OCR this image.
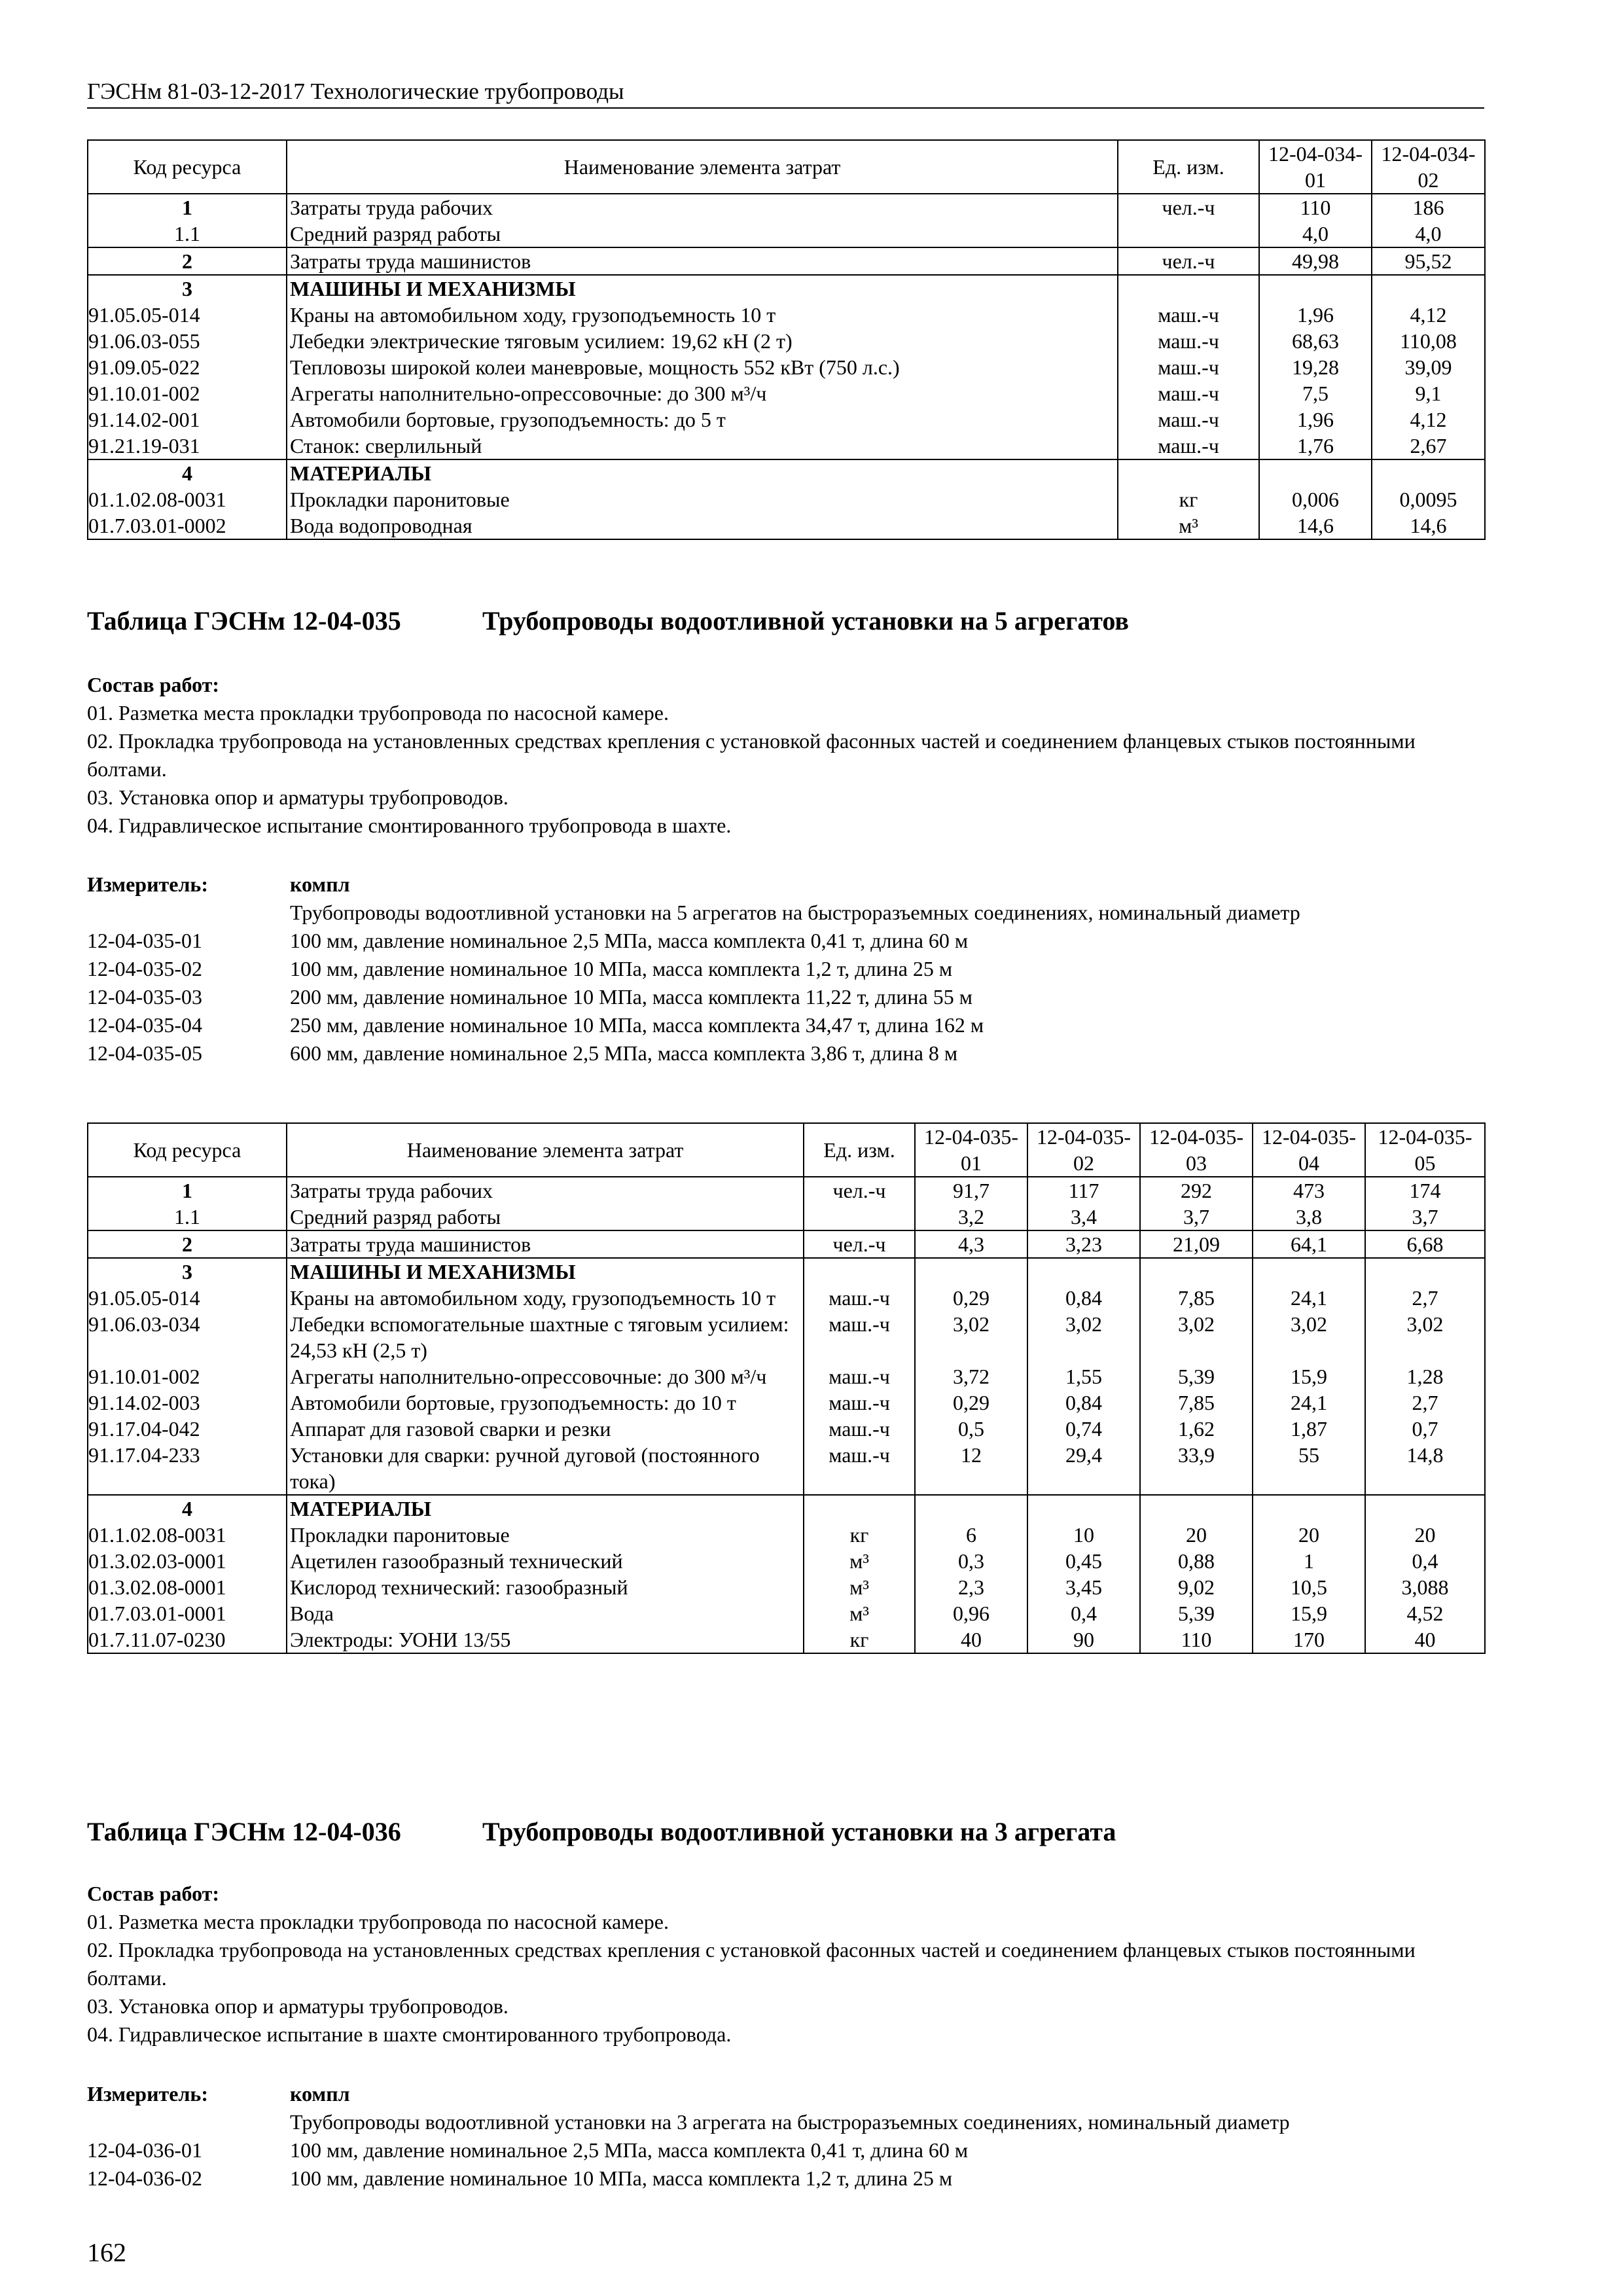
ГЭСНм 81-03-12-2017 Технологические трубопроводы
Код ресурса	Наименование элемента затрат	Ед. изм.	12-04-034-01	12-04-034-02
1	Затраты труда рабочих	чел.-ч	110	186
1.1	Средний разряд работы		4,0	4,0
2	Затраты труда машинистов	чел.-ч	49,98	95,52
3	МАШИНЫ И МЕХАНИЗМЫ			
91.05.05-014	Краны на автомобильном ходу, грузоподъемность 10 т	маш.-ч	1,96	4,12
91.06.03-055	Лебедки электрические тяговым усилием: 19,62 кН (2 т)	маш.-ч	68,63	110,08
91.09.05-022	Тепловозы широкой колеи маневровые, мощность 552 кВт (750 л.с.)	маш.-ч	19,28	39,09
91.10.01-002	Агрегаты наполнительно-опрессовочные: до 300 м³/ч	маш.-ч	7,5	9,1
91.14.02-001	Автомобили бортовые, грузоподъемность: до 5 т	маш.-ч	1,96	4,12
91.21.19-031	Станок: сверлильный	маш.-ч	1,76	2,67
4	МАТЕРИАЛЫ			
01.1.02.08-0031	Прокладки паронитовые	кг	0,006	0,0095
01.7.03.01-0002	Вода водопроводная	м³	14,6	14,6
Таблица ГЭСНм 12-04-035	Трубопроводы водоотливной установки на 5 агрегатов
Состав работ:
01. Разметка места прокладки трубопровода по насосной камере.
02. Прокладка трубопровода на установленных средствах крепления с установкой фасонных частей и соединением фланцевых стыков постоянными болтами.
03. Установка опор и арматуры трубопроводов.
04. Гидравлическое испытание смонтированного трубопровода в шахте.
Измеритель:	компл
Трубопроводы водоотливной установки на 5 агрегатов на быстроразъемных соединениях, номинальный диаметр
12-04-035-01	100 мм, давление номинальное 2,5 МПа, масса комплекта 0,41 т, длина 60 м
12-04-035-02	100 мм, давление номинальное 10 МПа, масса комплекта 1,2 т, длина 25 м
12-04-035-03	200 мм, давление номинальное 10 МПа, масса комплекта 11,22 т, длина 55 м
12-04-035-04	250 мм, давление номинальное 10 МПа, масса комплекта 34,47 т, длина 162 м
12-04-035-05	600 мм, давление номинальное 2,5 МПа, масса комплекта 3,86 т, длина 8 м
Код ресурса	Наименование элемента затрат	Ед. изм.	12-04-035-01	12-04-035-02	12-04-035-03	12-04-035-04	12-04-035-05
1	Затраты труда рабочих	чел.-ч	91,7	117	292	473	174
1.1	Средний разряд работы		3,2	3,4	3,7	3,8	3,7
2	Затраты труда машинистов	чел.-ч	4,3	3,23	21,09	64,1	6,68
3	МАШИНЫ И МЕХАНИЗМЫ						
91.05.05-014	Краны на автомобильном ходу, грузоподъемность 10 т	маш.-ч	0,29	0,84	7,85	24,1	2,7
91.06.03-034	Лебедки вспомогательные шахтные с тяговым усилием: 24,53 кН (2,5 т)	маш.-ч	3,02	3,02	3,02	3,02	3,02
91.10.01-002	Агрегаты наполнительно-опрессовочные: до 300 м³/ч	маш.-ч	3,72	1,55	5,39	15,9	1,28
91.14.02-003	Автомобили бортовые, грузоподъемность: до 10 т	маш.-ч	0,29	0,84	7,85	24,1	2,7
91.17.04-042	Аппарат для газовой сварки и резки	маш.-ч	0,5	0,74	1,62	1,87	0,7
91.17.04-233	Установки для сварки: ручной дуговой (постоянного тока)	маш.-ч	12	29,4	33,9	55	14,8
4	МАТЕРИАЛЫ						
01.1.02.08-0031	Прокладки паронитовые	кг	6	10	20	20	20
01.3.02.03-0001	Ацетилен газообразный технический	м³	0,3	0,45	0,88	1	0,4
01.3.02.08-0001	Кислород технический: газообразный	м³	2,3	3,45	9,02	10,5	3,088
01.7.03.01-0001	Вода	м³	0,96	0,4	5,39	15,9	4,52
01.7.11.07-0230	Электроды: УОНИ 13/55	кг	40	90	110	170	40
Таблица ГЭСНм 12-04-036	Трубопроводы водоотливной установки на 3 агрегата
Состав работ:
01. Разметка места прокладки трубопровода по насосной камере.
02. Прокладка трубопровода на установленных средствах крепления с установкой фасонных частей и соединением фланцевых стыков постоянными болтами.
03. Установка опор и арматуры трубопроводов.
04. Гидравлическое испытание в шахте смонтированного трубопровода.
Измеритель:	компл
Трубопроводы водоотливной установки на 3 агрегата на быстроразъемных соединениях, номинальный диаметр
12-04-036-01	100 мм, давление номинальное 2,5 МПа, масса комплекта 0,41 т, длина 60 м
12-04-036-02	100 мм, давление номинальное 10 МПа, масса комплекта 1,2 т, длина 25 м
162
